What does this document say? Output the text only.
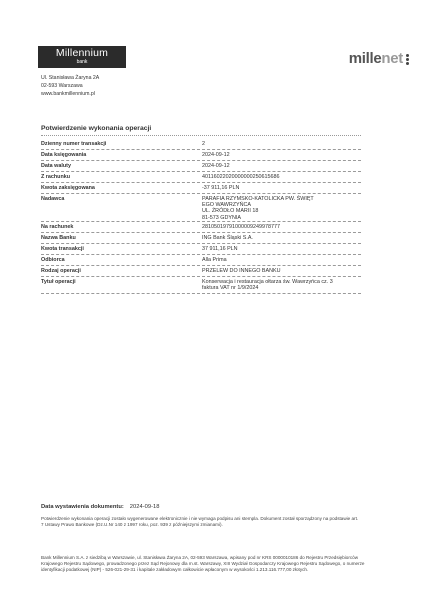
Millennium
bank	millenet
Ul. Stanisława Żaryna 2A
02-593 Warszawa
www.bankmillennium.pl
Potwierdzenie wykonania operacji
Dzienny numer transakcji	2
Data księgowania	2024-09-12
Data waluty	2024-09-12
Z rachunku	40116022020000000250615686
Kwota zaksięgowana	-37 911,16 PLN
Nadawca	PARAFIA RZYMSKO-KATOLICKA PW. ŚWIĘT
EGO WAWRZYŃCA
UL. ŹRÓDŁO MARII 18
81-573 GDYNIA
Na rachunek	28105019791000009249978777
Nazwa Banku	ING Bank Śląski S.A.
Kwota transakcji	37 911,16 PLN
Odbiorca	Alla Prima
Rodzaj operacji	PRZELEW DO INNEGO BANKU
Tytuł operacji	Konserwacja i restauracja ołtarza św. Wawrzyńca cz. 3
faktura VAT nr 1/9/2024
Data wystawienia dokumentu: 2024-09-18
Potwierdzenie wykonania operacji zostało wygenerowane elektronicznie i nie wymaga podpisu ani stempla. Dokument został sporządzony na podstawie art. 7 Ustawy Prawo Bankowe (Dz.U.Nr 140 z 1997 roku, poz. 939 z późniejszymi zmianami).
Bank Millennium S.A. z siedzibą w Warszawie, ul. Stanisława Żaryna 2A, 02-593 Warszawa, wpisany pod nr KRS 0000010186 do Rejestru Przedsiębiorców Krajowego Rejestru Sądowego, prowadzonego przez Sąd Rejonowy dla m.st. Warszawy, XIII Wydział Gospodarczy Krajowego Rejestru Sądowego, o numerze identyfikacji podatkowej (NIP) - 526-021-29-31 i kapitale zakładowym całkowicie wpłaconym w wysokości 1.213.116.777,00 złotych.
